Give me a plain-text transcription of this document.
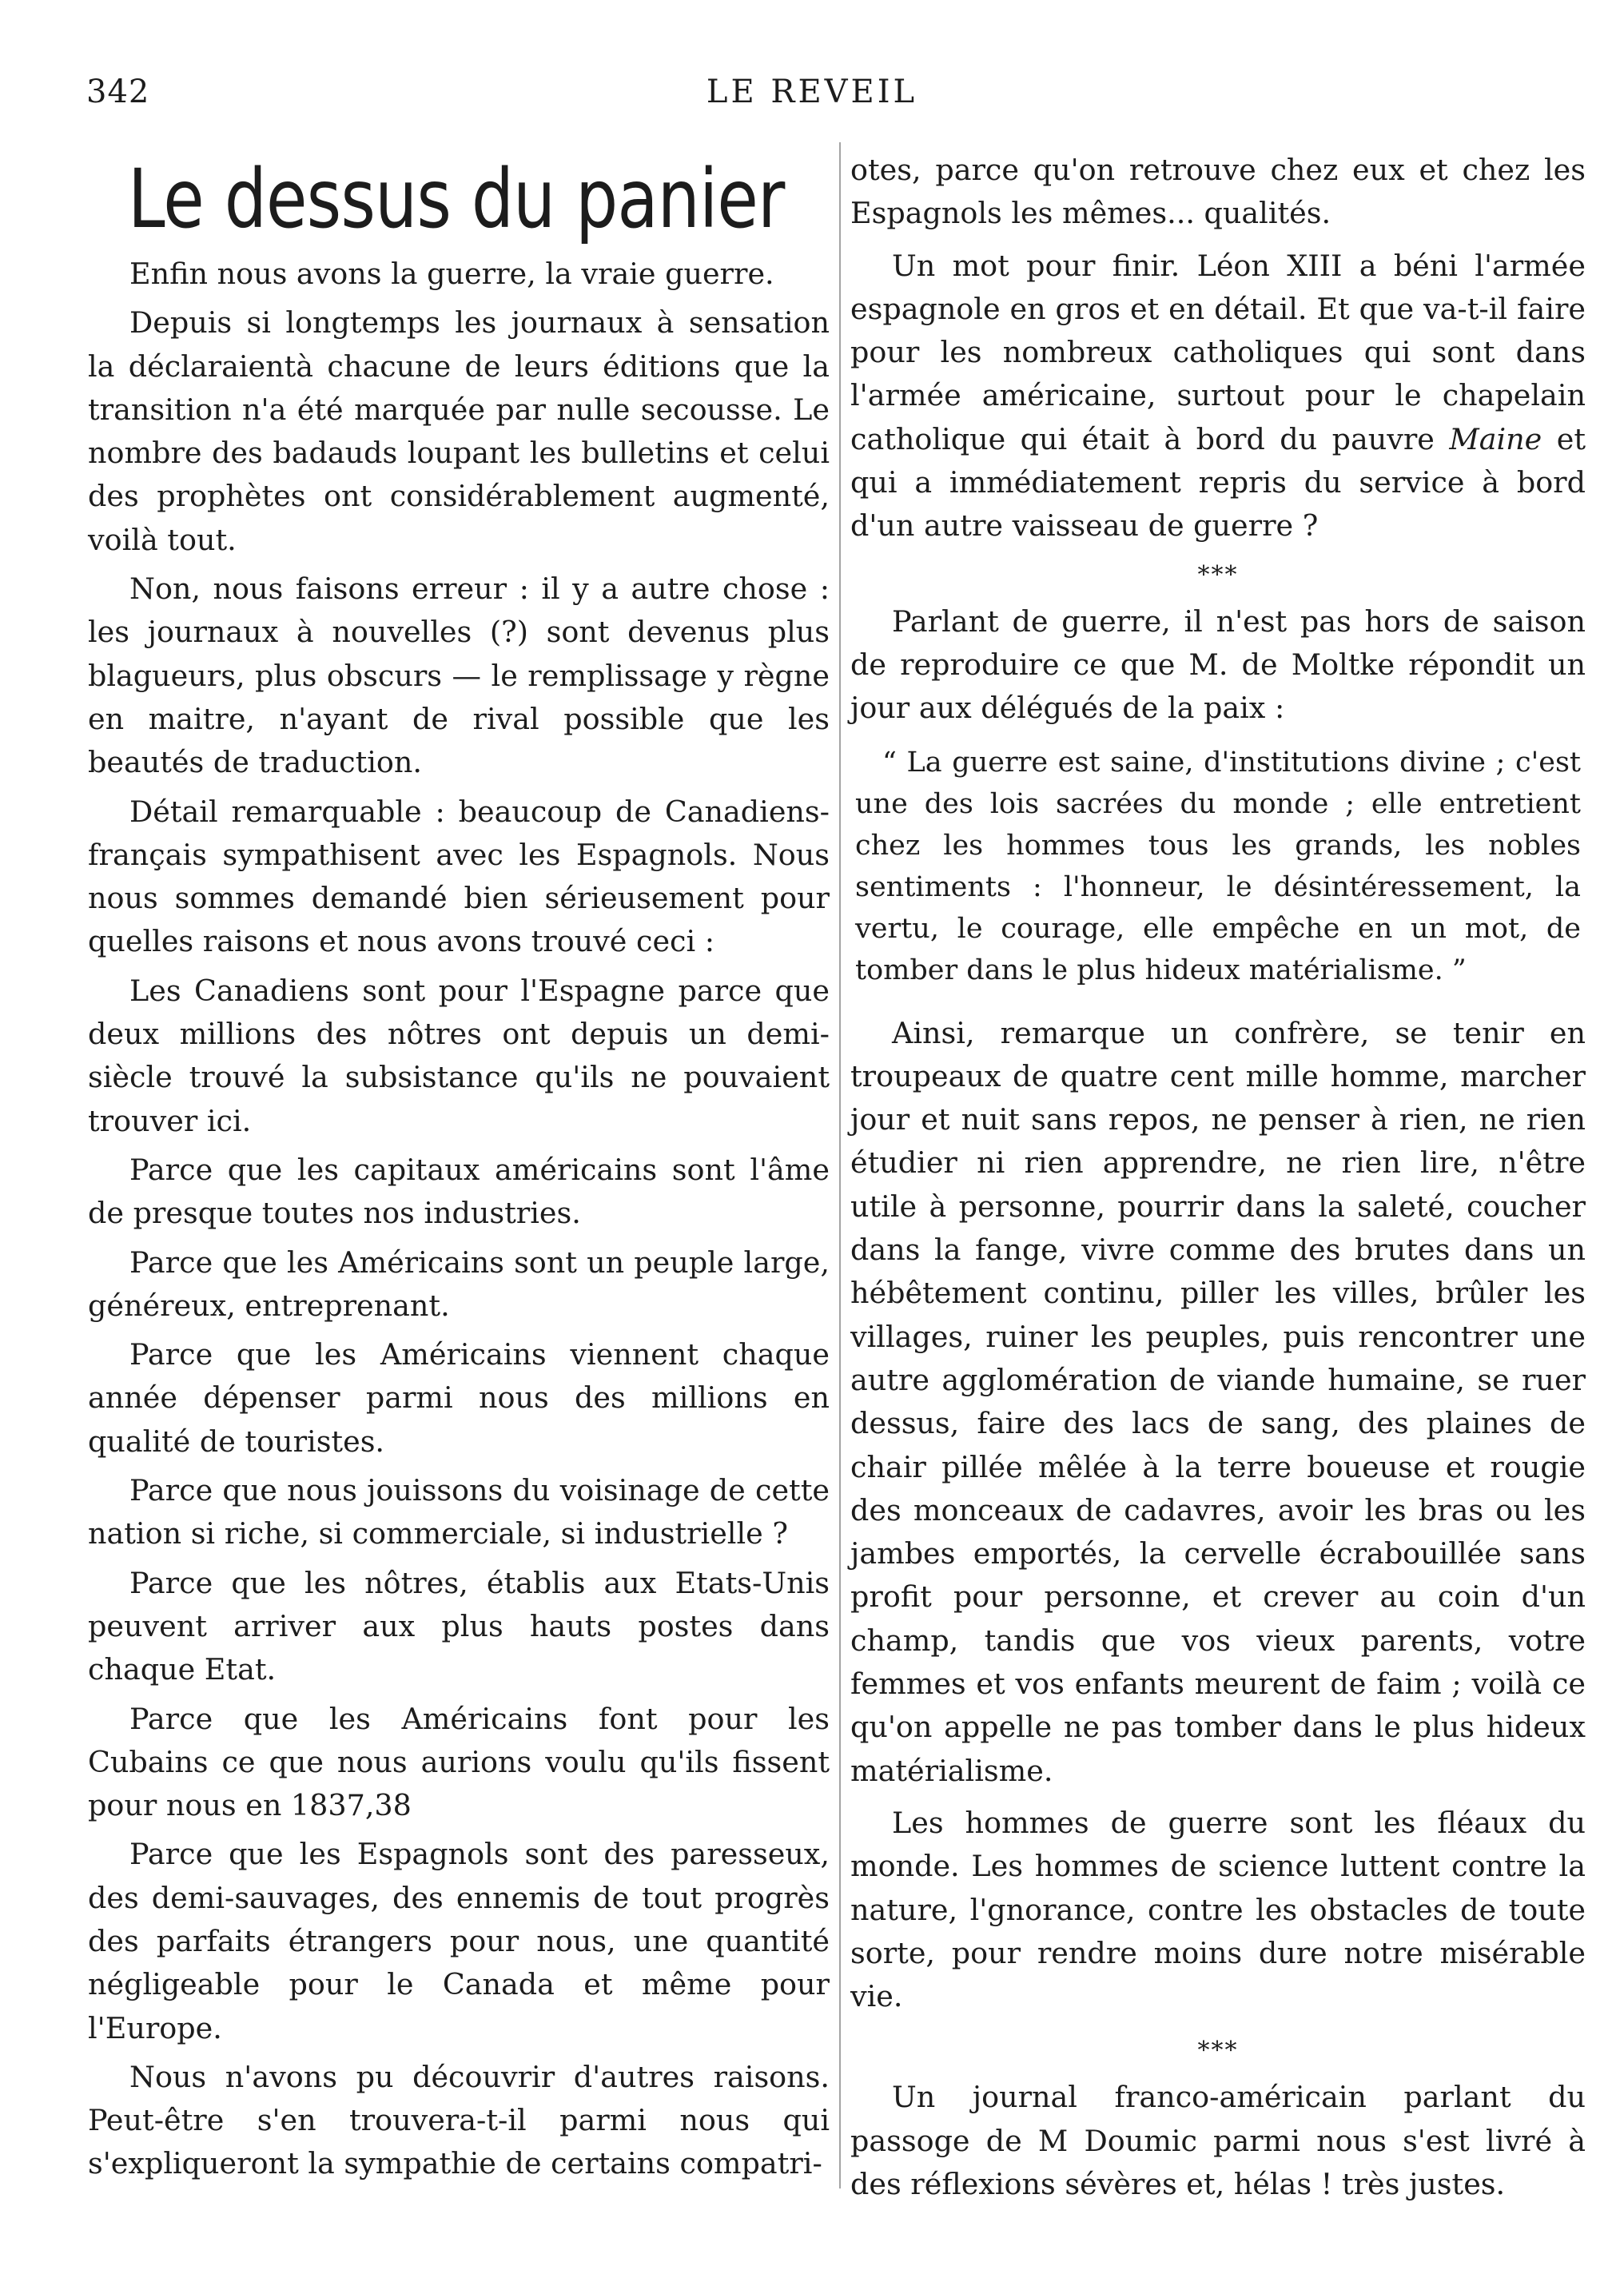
342	LE REVEIL
Le dessus du panier

Enfin nous avons la guerre, la vraie guerre.

Depuis si longtemps les journaux à sensation la déclaraientà chacune de leurs éditions que la transition n'a été marquée par nulle secousse. Le nombre des badauds loupant les bulletins et celui des prophètes ont considérablement augmenté, voilà tout.

Non, nous faisons erreur : il y a autre chose : les journaux à nouvelles (?) sont devenus plus blagueurs, plus obscurs — le remplissage y règne en maitre, n'ayant de rival possible que les beautés de traduction.

Détail remarquable : beaucoup de Canadiens-français sympathisent avec les Espagnols. Nous nous sommes demandé bien sérieusement pour quelles raisons et nous avons trouvé ceci :

Les Canadiens sont pour l'Espagne parce que deux millions des nôtres ont depuis un demi-siècle trouvé la subsistance qu'ils ne pouvaient trouver ici.

Parce que les capitaux américains sont l'âme de presque toutes nos industries.

Parce que les Américains sont un peuple large, généreux, entreprenant.

Parce que les Américains viennent chaque année dépenser parmi nous des millions en qualité de touristes.

Parce que nous jouissons du voisinage de cette nation si riche, si commerciale, si industrielle ?

Parce que les nôtres, établis aux Etats-Unis peuvent arriver aux plus hauts postes dans chaque Etat.

Parce que les Américains font pour les Cubains ce que nous aurions voulu qu'ils fissent pour nous en 1837,38

Parce que les Espagnols sont des paresseux, des demi-sauvages, des ennemis de tout progrès des parfaits étrangers pour nous, une quantité négligeable pour le Canada et même pour l'Europe.

Nous n'avons pu découvrir d'autres raisons. Peut-être s'en trouvera-t-il parmi nous qui s'expliqueront la sympathie de certains compatri-

otes, parce qu'on retrouve chez eux et chez les Espagnols les mêmes... qualités.

Un mot pour finir. Léon XIII a béni l'armée espagnole en gros et en détail. Et que va-t-il faire pour les nombreux catholiques qui sont dans l'armée américaine, surtout pour le chapelain catholique qui était à bord du pauvre Maine et qui a immédiatement repris du service à bord d'un autre vaisseau de guerre ?

***

Parlant de guerre, il n'est pas hors de saison de reproduire ce que M. de Moltke répondit un jour aux délégués de la paix :

“ La guerre est saine, d'institutions divine ; c'est une des lois sacrées du monde ; elle entretient chez les hommes tous les grands, les nobles sentiments : l'honneur, le désintéressement, la vertu, le courage, elle empêche en un mot, de tomber dans le plus hideux matérialisme. ”

Ainsi, remarque un confrère, se tenir en troupeaux de quatre cent mille homme, marcher jour et nuit sans repos, ne penser à rien, ne rien étudier ni rien apprendre, ne rien lire, n'être utile à personne, pourrir dans la saleté, coucher dans la fange, vivre comme des brutes dans un hébêtement continu, piller les villes, brûler les villages, ruiner les peuples, puis rencontrer une autre agglomération de viande humaine, se ruer dessus, faire des lacs de sang, des plaines de chair pillée mêlée à la terre boueuse et rougie des monceaux de cadavres, avoir les bras ou les jambes emportés, la cervelle écrabouillée sans profit pour personne, et crever au coin d'un champ, tandis que vos vieux parents, votre femmes et vos enfants meurent de faim ; voilà ce qu'on appelle ne pas tomber dans le plus hideux matérialisme.

Les hommes de guerre sont les fléaux du monde. Les hommes de science luttent contre la nature, l'gnorance, contre les obstacles de toute sorte, pour rendre moins dure notre misérable vie.

***

Un journal franco-américain parlant du passoge de M Doumic parmi nous s'est livré à des réflexions sévères et, hélas ! très justes.
